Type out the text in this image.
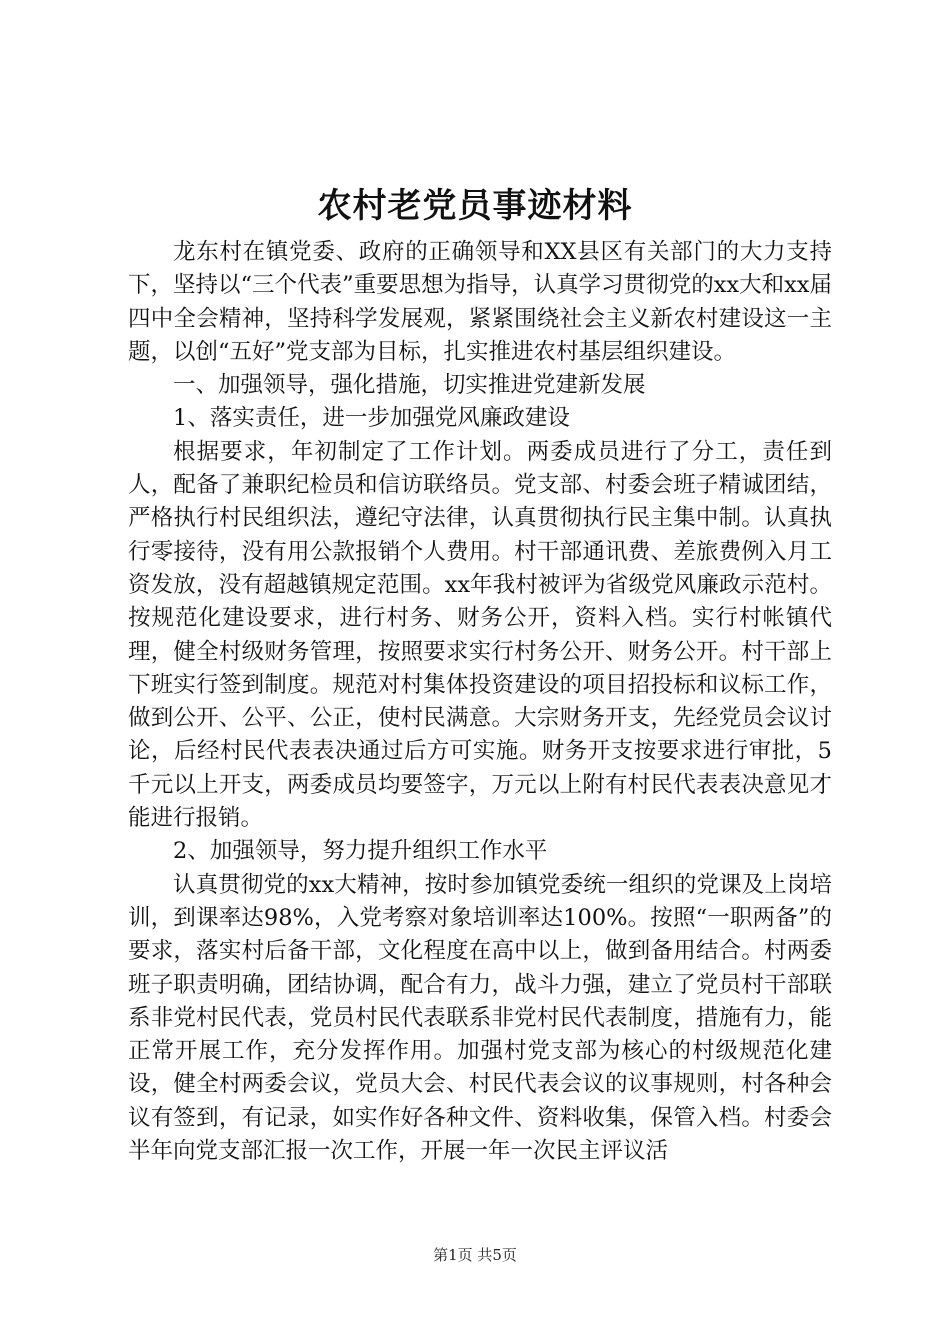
农村老党员事迹材料

龙东村在镇党委、政府的正确领导和XX县区有关部门的大力支持下，坚持以“三个代表”重要思想为指导，认真学习贯彻党的xx大和xx届四中全会精神，坚持科学发展观，紧紧围绕社会主义新农村建设这一主题，以创“五好”党支部为目标，扎实推进农村基层组织建设。

一、加强领导，强化措施，切实推进党建新发展

1、落实责任，进一步加强党风廉政建设

根据要求，年初制定了工作计划。两委成员进行了分工，责任到人，配备了兼职纪检员和信访联络员。党支部、村委会班子精诚团结，严格执行村民组织法，遵纪守法律，认真贯彻执行民主集中制。认真执行零接待，没有用公款报销个人费用。村干部通讯费、差旅费例入月工资发放，没有超越镇规定范围。xx年我村被评为省级党风廉政示范村。按规范化建设要求，进行村务、财务公开，资料入档。实行村帐镇代理，健全村级财务管理，按照要求实行村务公开、财务公开。村干部上下班实行签到制度。规范对村集体投资建设的项目招投标和议标工作，做到公开、公平、公正，使村民满意。大宗财务开支，先经党员会议讨论，后经村民代表表决通过后方可实施。财务开支按要求进行审批，5千元以上开支，两委成员均要签字，万元以上附有村民代表表决意见才能进行报销。

2、加强领导，努力提升组织工作水平

认真贯彻党的xx大精神，按时参加镇党委统一组织的党课及上岗培训，到课率达98%，入党考察对象培训率达100%。按照“一职两备”的要求，落实村后备干部，文化程度在高中以上，做到备用结合。村两委班子职责明确，团结协调，配合有力，战斗力强，建立了党员村干部联系非党村民代表，党员村民代表联系非党村民代表制度，措施有力，能正常开展工作，充分发挥作用。加强村党支部为核心的村级规范化建设，健全村两委会议，党员大会、村民代表会议的议事规则，村各种会议有签到，有记录，如实作好各种文件、资料收集，保管入档。村委会半年向党支部汇报一次工作，开展一年一次民主评议活

第1页 共5页
